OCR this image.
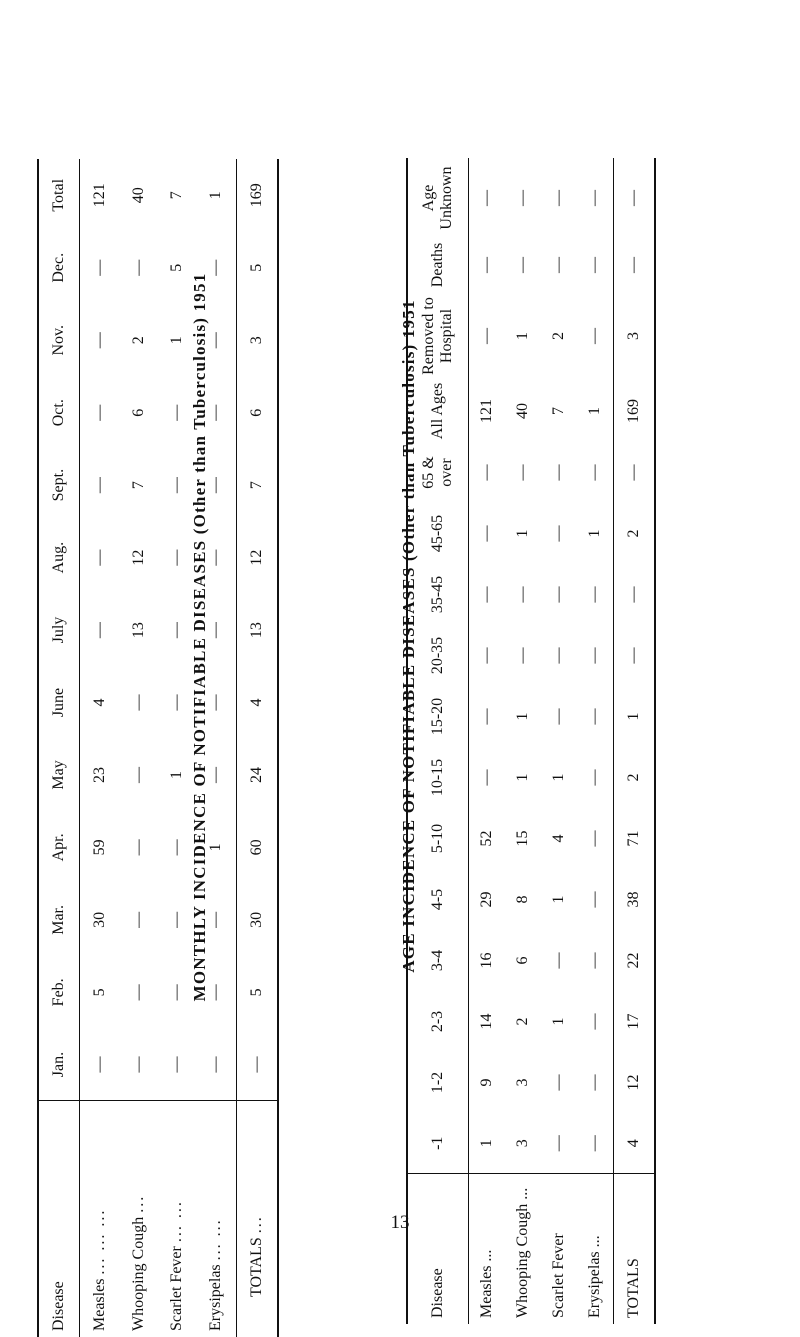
MONTHLY INCIDENCE OF NOTIFIABLE DISEASES (Other than Tuberculosis) 1951
Disease	Jan.	Feb.	Mar.	Apr.	May	June	July	Aug.	Sept.	Oct.	Nov.	Dec.	Total
Measles ... ... ...	—	5	30	59	23	4	—	—	—	—	—	—	121
Whooping Cough ...	—	—	—	—	—	—	13	12	7	6	2	—	40
Scarlet Fever ... ...	—	—	—	—	1	—	—	—	—	—	1	5	7
Erysipelas ... ...	—	—	—	1	—	—	—	—	—	—	—	—	1
TOTALS ...	—	5	30	60	24	4	13	12	7	6	3	5	169
AGE INCIDENCE OF NOTIFIABLE DISEASES (Other than Tuberculosis) 1951
Disease	-1	1-2	2-3	3-4	4-5	5-10	10-15	15-20	20-35	35-45	45-65	65 & over	All Ages	Removed to Hospital	Deaths	Age Unknown
Measles ...	1	9	14	16	29	52	—	—	—	—	—	—	121	—	—	—
Whooping Cough ...	3	3	2	6	8	15	1	1	—	—	1	—	40	1	—	—
Scarlet Fever	—	—	1	—	1	4	1	—	—	—	—	—	7	2	—	—
Erysipelas ...	—	—	—	—	—	—	—	—	—	—	1	—	1	—	—	—
TOTALS	4	12	17	22	38	71	2	1	—	—	2	—	169	3	—	—
13
